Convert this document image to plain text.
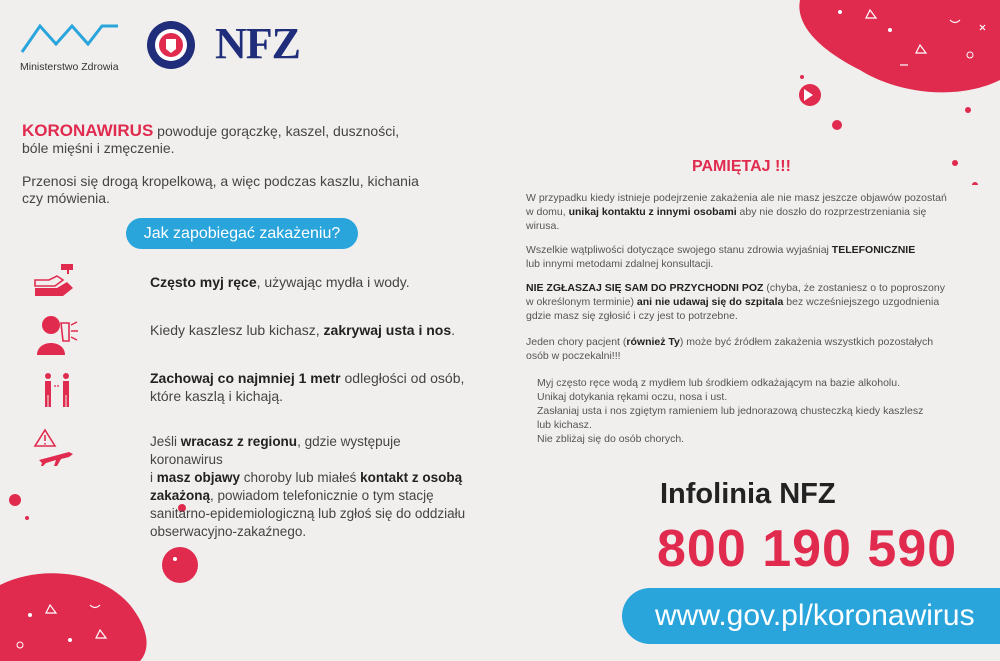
Ministerstwo Zdrowia NFZ

KORONAWIRUS powoduje gorączkę, kaszel, duszności,

bóle mięśni i zmęczenie.

Przenosi się drogą kropelkową, a więc podczas kaszlu, kichania

czy mówienia.

Jak zapobiegać zakażeniu?
Często myj ręce, używając mydła i wody.
Kiedy kaszlesz lub kichasz, zakrywaj usta i nos.
Zachowaj co najmniej 1 metr odległości od osób,
które kaszlą i kichają.
Jeśli wracasz z regionu, gdzie występuje koronawirus
i masz objawy choroby lub miałeś kontakt z osobą
zakażoną, powiadom telefonicznie o tym stację
sanitarno-epidemiologiczną lub zgłoś się do oddziału
obserwacyjno-zakaźnego.
PAMIĘTAJ !!!
W przypadku kiedy istnieje podejrzenie zakażenia ale nie masz jeszcze objawów pozostań
w domu, unikaj kontaktu z innymi osobami aby nie doszło do rozprzestrzeniania się
wirusa.
Wszelkie wątpliwości dotyczące swojego stanu zdrowia wyjaśniaj TELEFONICZNIE
lub innymi metodami zdalnej konsultacji.
NIE ZGŁASZAJ SIĘ SAM DO PRZYCHODNI POZ (chyba, że zostaniesz o to poproszony
w określonym terminie) ani nie udawaj się do szpitala bez wcześniejszego uzgodnienia
gdzie masz się zgłosić i czy jest to potrzebne.
Jeden chory pacjent (również Ty) może być źródłem zakażenia wszystkich pozostałych
osób w poczekalni!!!
Myj często ręce wodą z mydłem lub środkiem odkażającym na bazie alkoholu.
Unikaj dotykania rękami oczu, nosa i ust.
Zasłaniaj usta i nos zgiętym ramieniem lub jednorazową chusteczką kiedy kaszlesz
lub kichasz.
Nie zbliżaj się do osób chorych.
Infolinia NFZ
800 190 590
www.gov.pl/koronawirus
